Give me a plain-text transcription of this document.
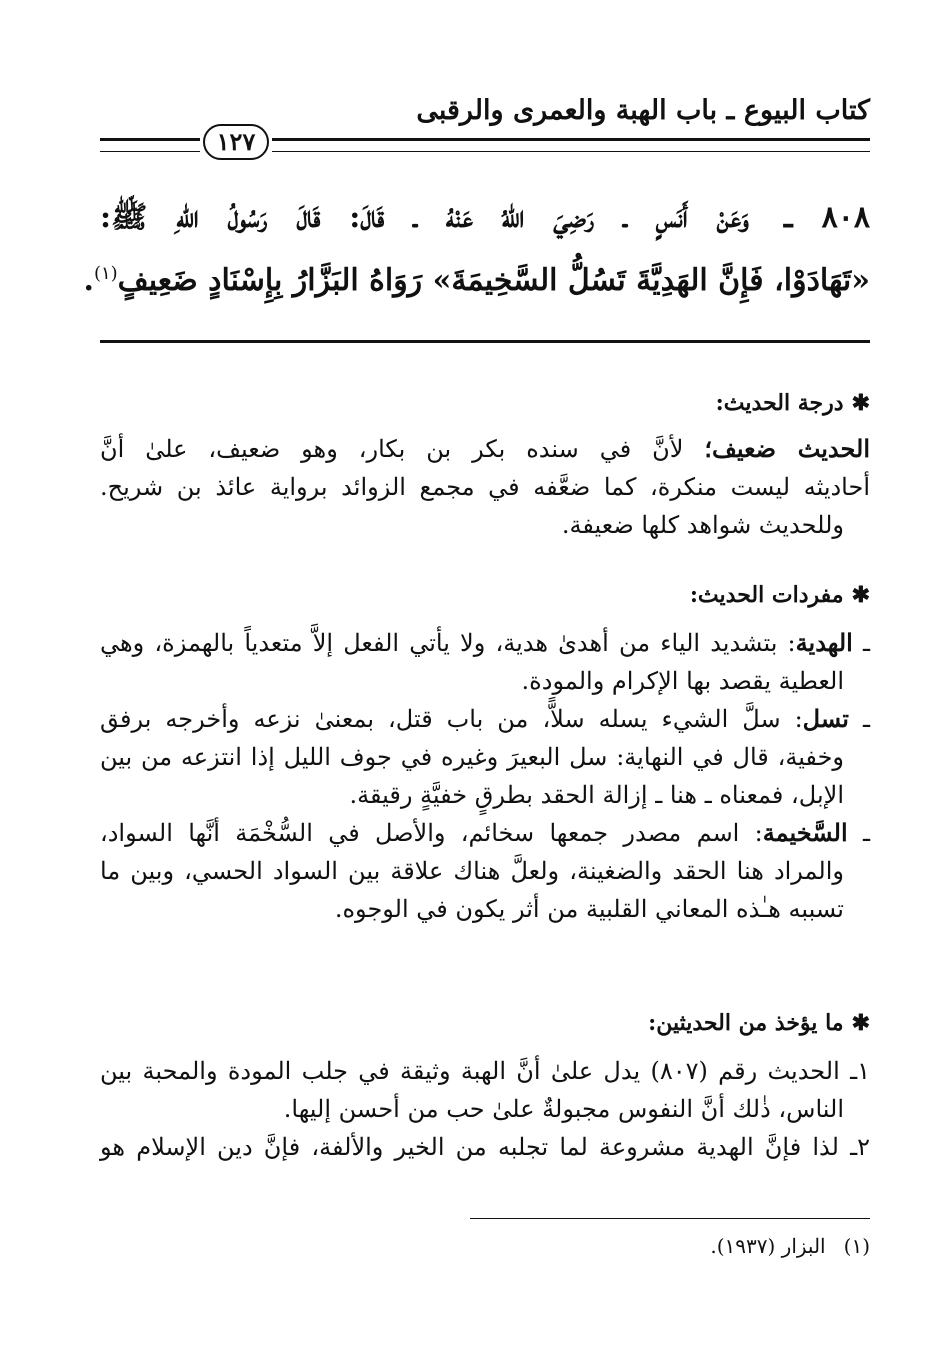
كتاب البيوع ـ باب الهبة والعمرى والرقبى
١٢٧
٨٠٨ ـ وَعَنْ أَنَسٍ ـ رَضِيَ اللهُ عَنْهُ ـ قَالَ: قَالَ رَسُولُ اللهِ ﷺ:
«تَهَادَوْا، فَإِنَّ الهَدِيَّةَ تَسُلُّ السَّخِيمَةَ» رَوَاهُ البَزَّارُ بِإِسْنَادٍ ضَعِيفٍ$^{(١)}$.
✱درجة الحديث:
الحديث ضعيف؛ لأنَّ في سنده بكر بن بكار، وهو ضعيف، علىٰ أنَّ
أحاديثه ليست منكرة، كما ضعَّفه في مجمع الزوائد برواية عائذ بن شريح.
وللحديث شواهد كلها ضعيفة.
✱مفردات الحديث:
ـ الهدية: بتشديد الياء من أهدىٰ هدية، ولا يأتي الفعل إلاَّ متعدياً بالهمزة، وهي
العطية يقصد بها الإكرام والمودة.
ـ تسل: سلَّ الشيء يسله سلاًّ، من باب قتل، بمعنىٰ نزعه وأخرجه برفق
وخفية، قال في النهاية: سل البعيرَ وغيره في جوف الليل إذا انتزعه من بين
الإبل، فمعناه ـ هنا ـ إزالة الحقد بطرقٍ خفيَّةٍ رقيقة.
ـ السَّخيمة: اسم مصدر جمعها سخائم، والأصل في السُّخْمَة أنَّها السواد،
والمراد هنا الحقد والضغينة، ولعلَّ هناك علاقة بين السواد الحسي، وبين ما
تسببه هـٰذه المعاني القلبية من أثر يكون في الوجوه.
✱ما يؤخذ من الحديثين:
١ـ الحديث رقم (٨٠٧) يدل علىٰ أنَّ الهبة وثيقة في جلب المودة والمحبة بين
الناس، ذٰلك أنَّ النفوس مجبولةٌ علىٰ حب من أحسن إليها.
٢ـ لذا فإنَّ الهدية مشروعة لما تجلبه من الخير والألفة، فإنَّ دين الإسلام هو
(١)البزار (١٩٣٧).
